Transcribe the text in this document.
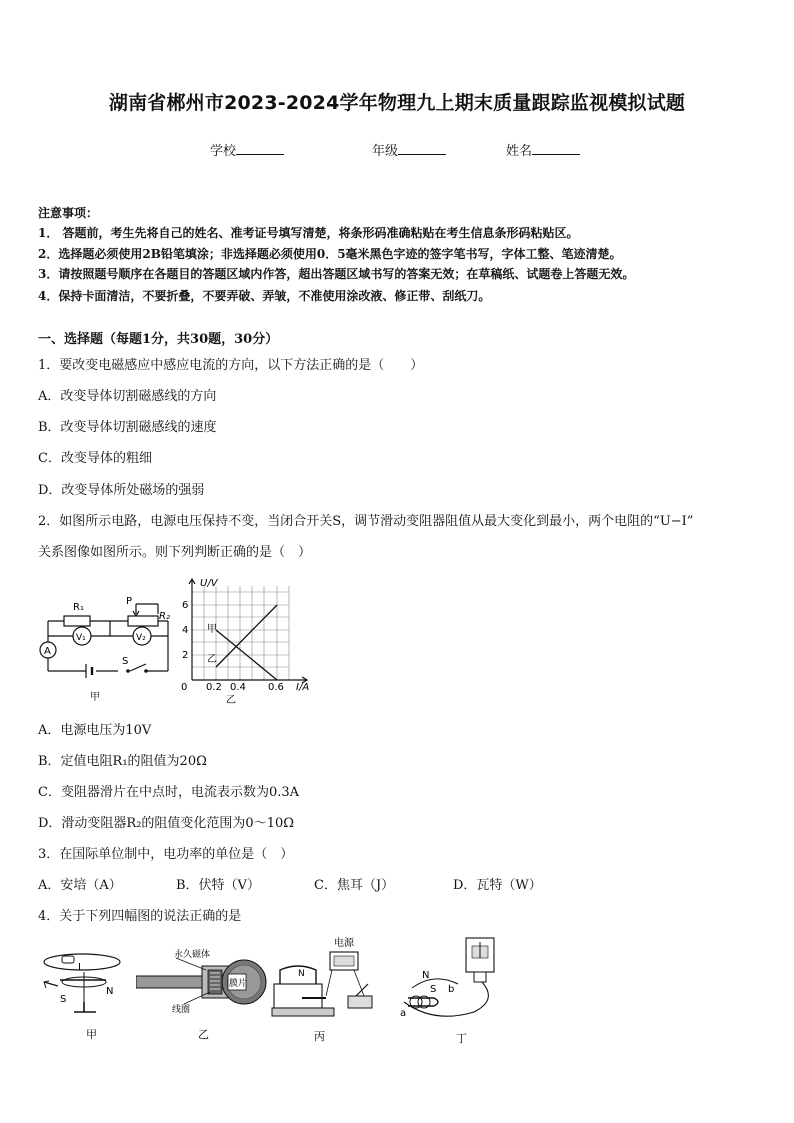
湖南省郴州市2023-2024学年物理九上期末质量跟踪监视模拟试题
学校	年级	姓名
注意事项：
1． 答题前，考生先将自己的姓名、准考证号填写清楚，将条形码准确粘贴在考生信息条形码粘贴区。
2．选择题必须使用2B铅笔填涂；非选择题必须使用0．5毫米黑色字迹的签字笔书写，字体工整、笔迹清楚。
3．请按照题号顺序在各题目的答题区域内作答，超出答题区域书写的答案无效；在草稿纸、试题卷上答题无效。
4．保持卡面清洁，不要折叠，不要弄破、弄皱，不准使用涂改液、修正带、刮纸刀。
一、选择题（每题1分，共30题，30分）
1．要改变电磁感应中感应电流的方向，以下方法正确的是（　　）
A．改变导体切割磁感线的方向
B．改变导体切割磁感线的速度
C．改变导体的粗细
D．改变导体所处磁场的强弱
2．如图所示电路，电源电压保持不变，当闭合开关S，调节滑动变阻器阻值从最大变化到最小，两个电阻的“U−I”
关系图像如图所示。则下列判断正确的是（　）
R₁
P
R₂
V₁	V₂
A
S
甲
U/V
I/A
6
4
2
0 0.2 0.4 0.6
甲
乙
乙
A．电源电压为10V
B．定值电阻R₁的阻值为20Ω
C．变阻器滑片在中点时，电流表示数为0.3A
D．滑动变阻器R₂的阻值变化范围为0～10Ω
3．在国际单位制中，电功率的单位是（　）
A．安培（A）	B．伏特（V）	C．焦耳（J）	D．瓦特（W）
4．关于下列四幅图的说法正确的是
I
S
N
甲
永久磁体
线圈
膜片
乙
电源
N
丙
N
S b
a
丁
